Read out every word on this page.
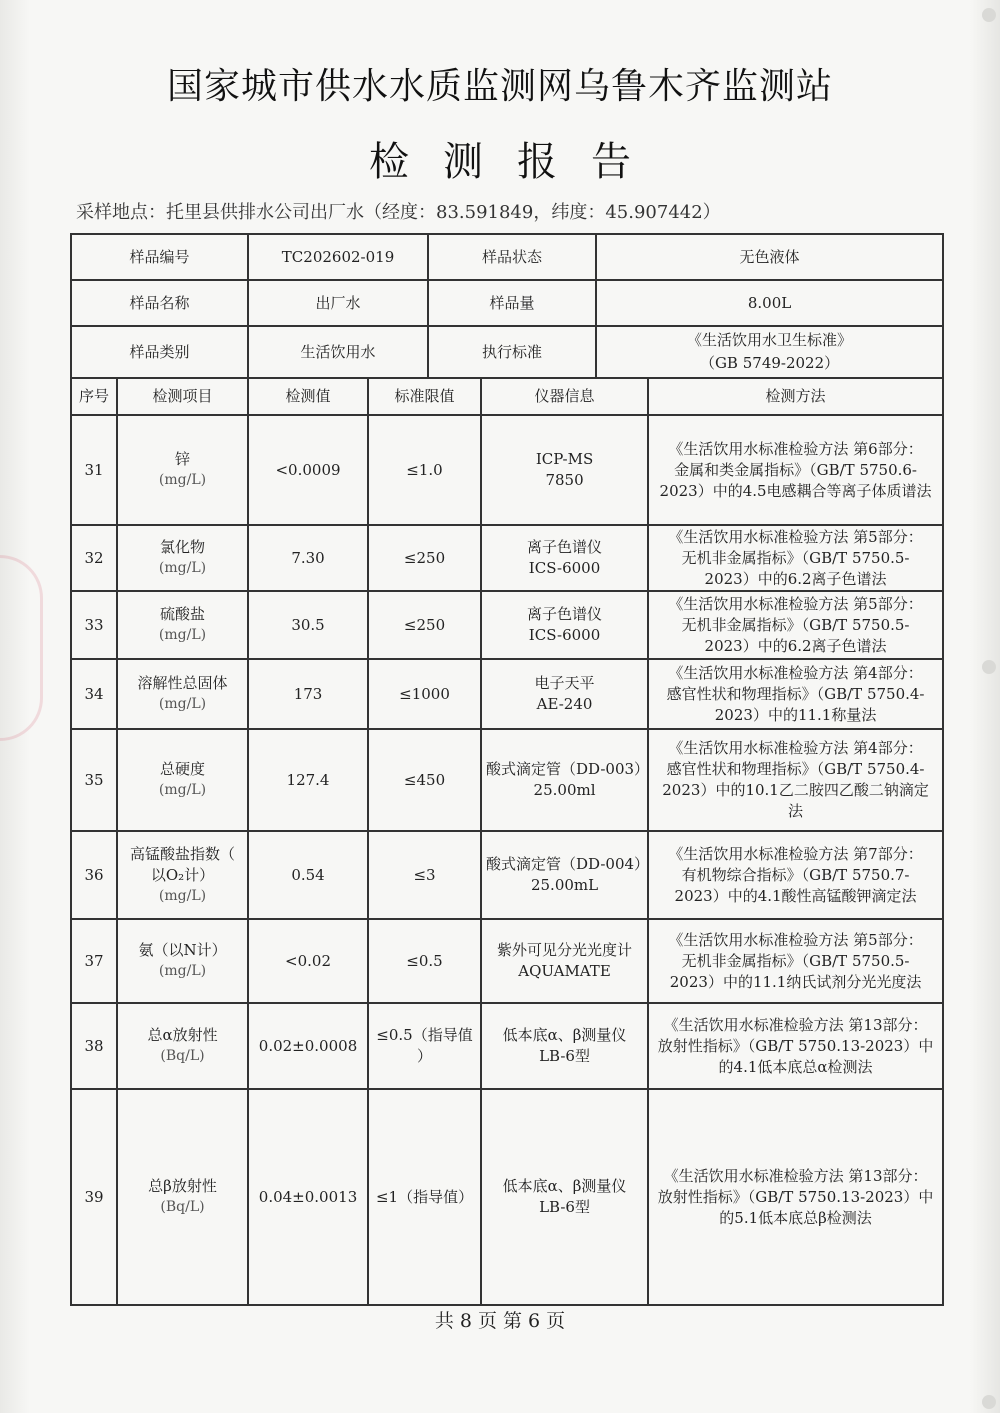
国家城市供水水质监测网乌鲁木齐监测站
检测报告
采样地点：托里县供排水公司出厂水（经度：83.591849，纬度：45.907442）
样品编号		TC202602-019		样品状态		无色液体	
样品名称		出厂水		样品量		8.00L	
样品类别		生活饮用水		执行标准		《生活饮用水卫生标准》
（GB 5749-2022）	

序号	检测项目	检测值	标准限值		仪器信息		检测方法
31	锌
(mg/L)	<0.0009	≤1.0		ICP-MS
7850		《生活饮用水标准检验方法 第6部分：
金属和类金属指标》（GB/T 5750.6-
2023）中的4.5电感耦合等离子体质谱法

32	氯化物
(mg/L)	7.30	≤250		离子色谱仪
ICS-6000		《生活饮用水标准检验方法 第5部分：
无机非金属指标》（GB/T 5750.5-
2023）中的6.2离子色谱法

33	硫酸盐
(mg/L)	30.5	≤250		离子色谱仪
ICS-6000		《生活饮用水标准检验方法 第5部分：
无机非金属指标》（GB/T 5750.5-
2023）中的6.2离子色谱法

34	溶解性总固体
(mg/L)	173	≤1000		电子天平
AE-240		《生活饮用水标准检验方法 第4部分：
感官性状和物理指标》（GB/T 5750.4-
2023）中的11.1称量法

35	总硬度
(mg/L)	127.4	≤450		酸式滴定管（DD-003）
25.00ml		《生活饮用水标准检验方法 第4部分：
感官性状和物理指标》（GB/T 5750.4-
2023）中的10.1乙二胺四乙酸二钠滴定
法

36	高锰酸盐指数（
以O₂计）
(mg/L)	0.54	≤3		酸式滴定管（DD-004）
25.00mL		《生活饮用水标准检验方法 第7部分：
有机物综合指标》（GB/T 5750.7-
2023）中的4.1酸性高锰酸钾滴定法

37	氨（以N计）
(mg/L)	<0.02	≤0.5		紫外可见分光光度计
AQUAMATE		《生活饮用水标准检验方法 第5部分：
无机非金属指标》（GB/T 5750.5-
2023）中的11.1纳氏试剂分光光度法

38	总α放射性
(Bq/L)	0.02±0.0008	≤0.5（指导值
）		低本底α、β测量仪
LB-6型		《生活饮用水标准检验方法 第13部分：
放射性指标》（GB/T 5750.13-2023）中
的4.1低本底总α检测法

39	总β放射性
(Bq/L)	0.04±0.0013	≤1（指导值）		低本底α、β测量仪
LB-6型		《生活饮用水标准检验方法 第13部分：
放射性指标》（GB/T 5750.13-2023）中
的5.1低本底总β检测法
共 8 页 第 6 页
